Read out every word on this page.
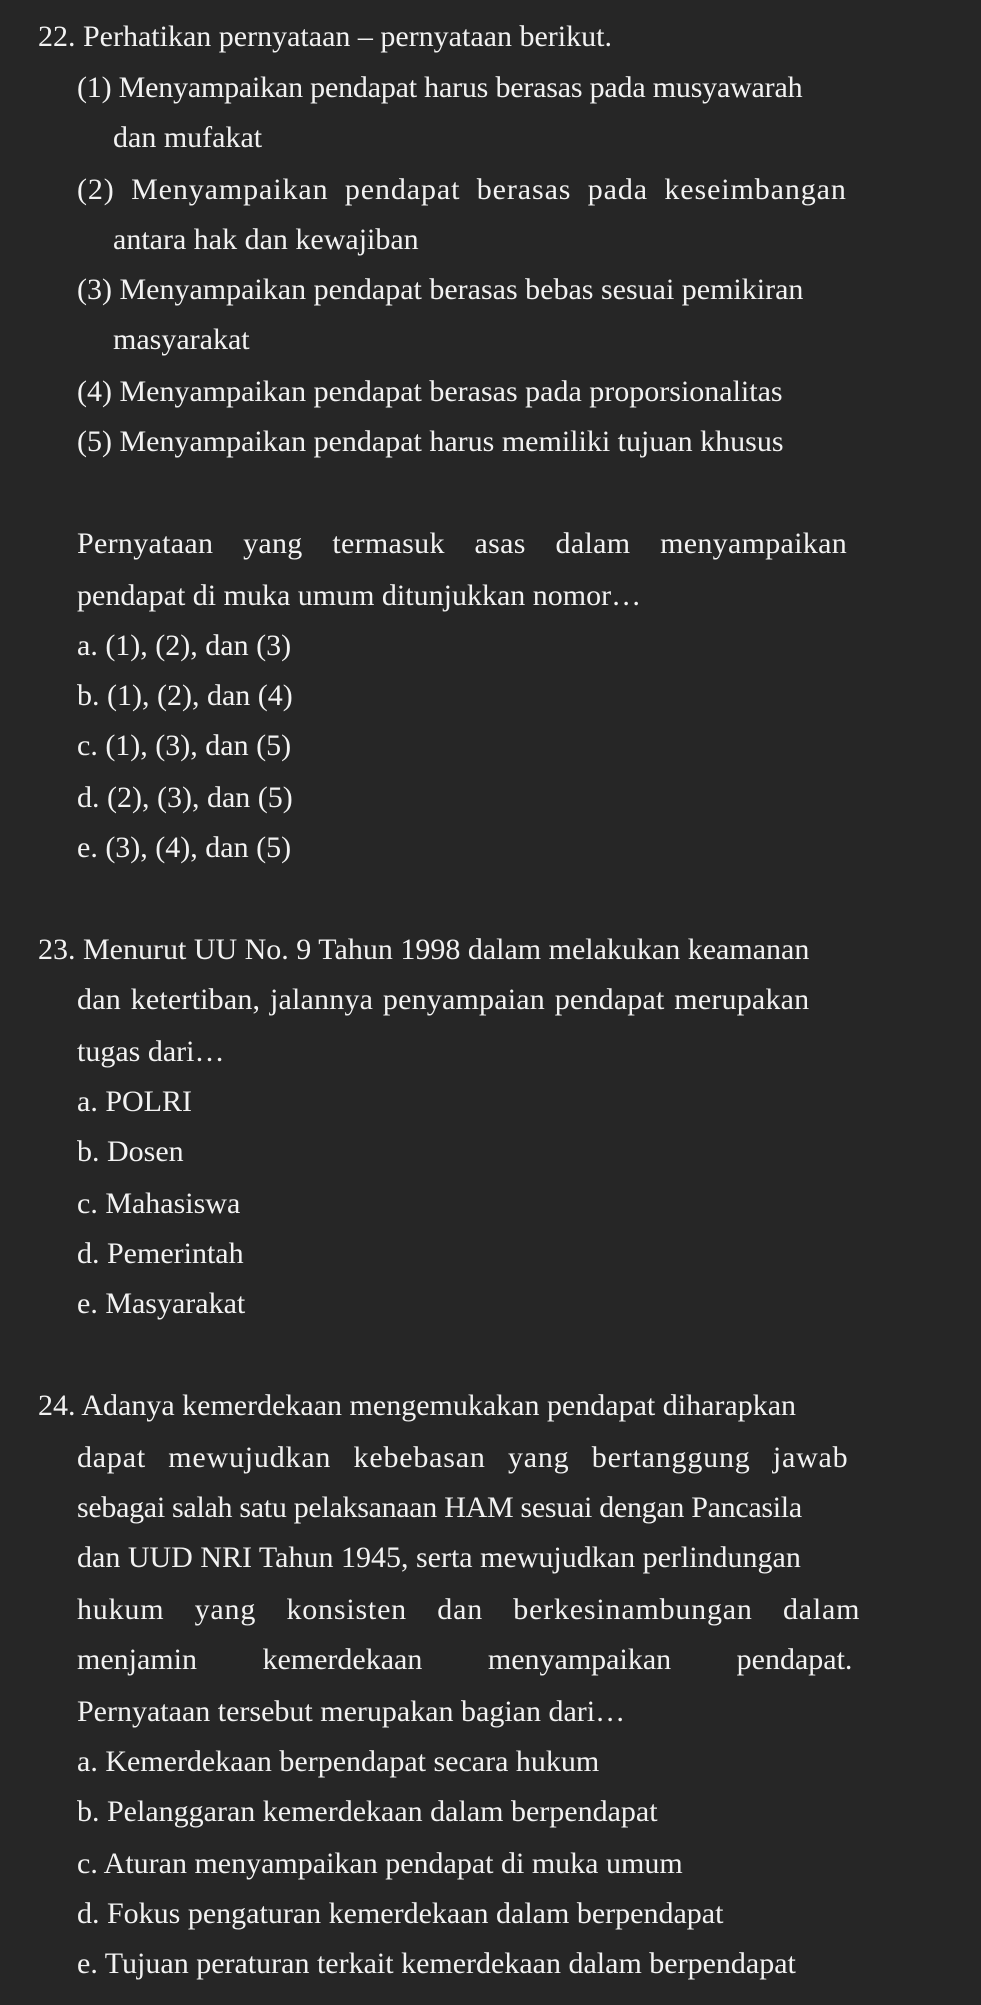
22. Perhatikan pernyataan – pernyataan berikut.
(1) Menyampaikan pendapat harus berasas pada musyawarah
dan mufakat
(2) Menyampaikan pendapat berasas pada keseimbangan
antara hak dan kewajiban
(3) Menyampaikan pendapat berasas bebas sesuai pemikiran
masyarakat
(4) Menyampaikan pendapat berasas pada proporsionalitas
(5) Menyampaikan pendapat harus memiliki tujuan khusus
Pernyataan yang termasuk asas dalam menyampaikan
pendapat di muka umum ditunjukkan nomor…
a. (1), (2), dan (3)
b. (1), (2), dan (4)
c. (1), (3), dan (5)
d. (2), (3), dan (5)
e. (3), (4), dan (5)
23. Menurut UU No. 9 Tahun 1998 dalam melakukan keamanan
dan ketertiban, jalannya penyampaian pendapat merupakan
tugas dari…
a. POLRI
b. Dosen
c. Mahasiswa
d. Pemerintah
e. Masyarakat
24. Adanya kemerdekaan mengemukakan pendapat diharapkan
dapat mewujudkan kebebasan yang bertanggung jawab
sebagai salah satu pelaksanaan HAM sesuai dengan Pancasila
dan UUD NRI Tahun 1945, serta mewujudkan perlindungan
hukum yang konsisten dan berkesinambungan dalam
menjamin kemerdekaan menyampaikan pendapat.
Pernyataan tersebut merupakan bagian dari…
a. Kemerdekaan berpendapat secara hukum
b. Pelanggaran kemerdekaan dalam berpendapat
c. Aturan menyampaikan pendapat di muka umum
d. Fokus pengaturan kemerdekaan dalam berpendapat
e. Tujuan peraturan terkait kemerdekaan dalam berpendapat
